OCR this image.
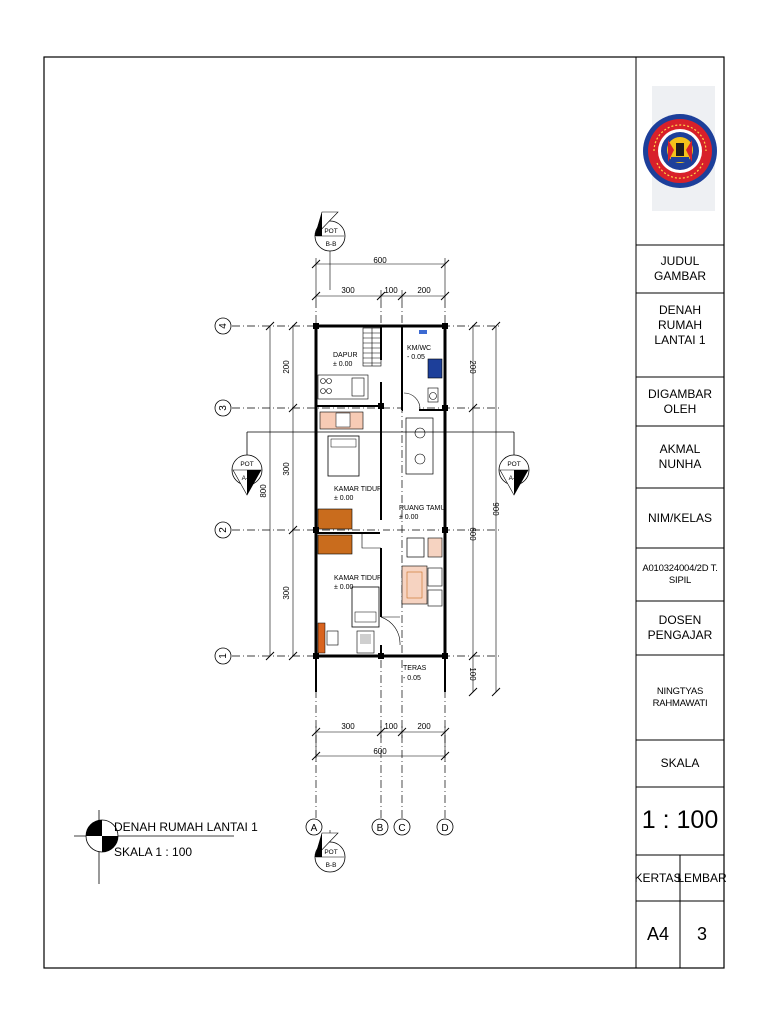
600
300	100 200
300	100 200
600
200
300
300
800
200
600
100
900
DAPUR
± 0.00
KM/WC
- 0.05
KAMAR TIDUR
± 0.00
RUANG TAMU
± 0.00
KAMAR TIDUR
± 0.00
TERAS
- 0.05
4
3
2
1
A	B C	D
POT
B-B
POT
B-B
POT
A-A
POT
A-A
DENAH RUMAH LANTAI 1
SKALA 1 : 100
JUDUL GAMBAR
DENAH RUMAH
LANTAI 1
DIGAMBAR OLEH
AKMAL NUNHA
NIM/KELAS
A010324004/2D T. SIPIL
DOSEN PENGAJAR
NINGTYAS RAHMAWATI
SKALA
1 : 100
KERTAS
LEMBAR
A4	3
